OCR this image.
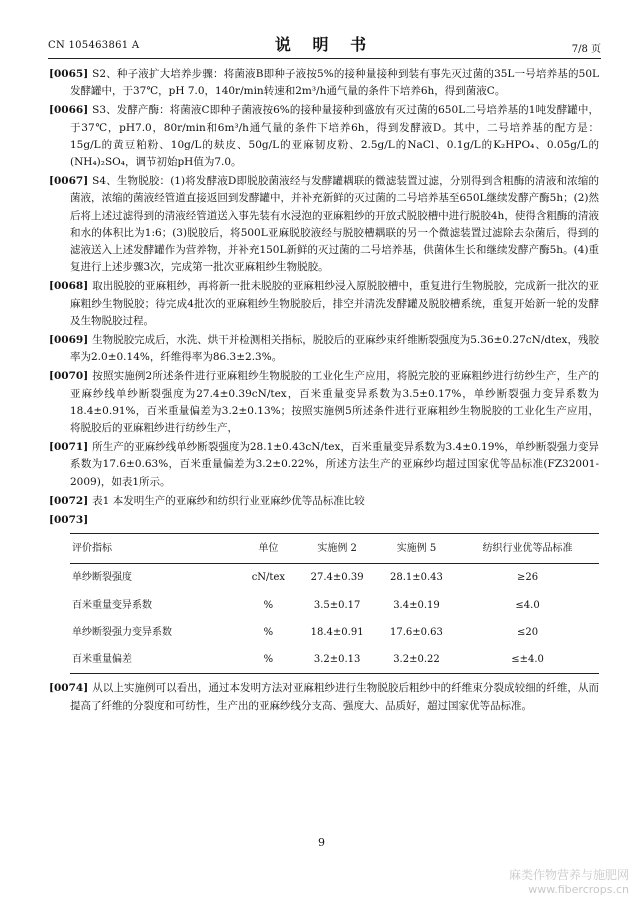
CN 105463861 A	说 明 书	7/8 页

[0065] S2、种子液扩大培养步骤：将菌液B即种子液按5%的接种量接种到装有事先灭过菌的35L一号培养基的50L发酵罐中，于37℃，pH 7.0，140r/min转速和2m³/h通气量的条件下培养6h，得到菌液C。

[0066] S3、发酵产酶：将菌液C即种子菌液按6%的接种量接种到盛放有灭过菌的650L二号培养基的1吨发酵罐中，于37℃，pH7.0，80r/min和6m³/h通气量的条件下培养6h，得到发酵液D。其中，二号培养基的配方是：15g/L的黄豆粕粉、10g/L的麸皮、50g/L的亚麻韧皮粉、2.5g/L的NaCl、0.1g/L的K₂HPO₄、0.05g/L的(NH₄)₂SO₄，调节初始pH值为7.0。

[0067] S4、生物脱胶：(1)将发酵液D即脱胶菌液经与发酵罐耦联的微滤装置过滤，分别得到含粗酶的清液和浓缩的菌液，浓缩的菌液经管道直接返回到发酵罐中，并补充新鲜的灭过菌的二号培养基至650L继续发酵产酶5h；(2)然后将上述过滤得到的清液经管道送入事先装有水浸泡的亚麻粗纱的开放式脱胶槽中进行脱胶4h，使得含粗酶的清液和水的体积比为1:6；(3)脱胶后，将500L亚麻脱胶液经与脱胶槽耦联的另一个微滤装置过滤除去杂菌后，得到的滤液送入上述发酵罐作为营养物，并补充150L新鲜的灭过菌的二号培养基，供菌体生长和继续发酵产酶5h。(4)重复进行上述步骤3次，完成第一批次亚麻粗纱生物脱胶。

[0068] 取出脱胶的亚麻粗纱，再将新一批未脱胶的亚麻粗纱浸入原脱胶槽中，重复进行生物脱胶，完成新一批次的亚麻粗纱生物脱胶；待完成4批次的亚麻粗纱生物脱胶后，排空并清洗发酵罐及脱胶槽系统，重复开始新一轮的发酵及生物脱胶过程。

[0069] 生物脱胶完成后，水洗、烘干并检测相关指标，脱胶后的亚麻纱束纤维断裂强度为5.36±0.27cN/dtex，残胶率为2.0±0.14%，纤维得率为86.3±2.3%。

[0070] 按照实施例2所述条件进行亚麻粗纱生物脱胶的工业化生产应用，将脱完胶的亚麻粗纱进行纺纱生产，生产的亚麻纱线单纱断裂强度为27.4±0.39cN/tex，百米重量变异系数为3.5±0.17%，单纱断裂强力变异系数为18.4±0.91%，百米重量偏差为3.2±0.13%；按照实施例5所述条件进行亚麻粗纱生物脱胶的工业化生产应用，将脱胶后的亚麻粗纱进行纺纱生产，

[0071] 所生产的亚麻纱线单纱断裂强度为28.1±0.43cN/tex，百米重量变异系数为3.4±0.19%，单纱断裂强力变异系数为17.6±0.63%，百米重量偏差为3.2±0.22%，所述方法生产的亚麻纱均超过国家优等品标准(FZ32001-2009)，如表1所示。

[0072] 表1 本发明生产的亚麻纱和纺织行业亚麻纱优等品标准比较

[0073]

评价指标	单位	实施例 2	实施例 5	纺织行业优等品标准
单纱断裂强度	cN/tex	27.4±0.39	28.1±0.43	≥26
百米重量变异系数	%	3.5±0.17	3.4±0.19	≤4.0
单纱断裂强力变异系数	%	18.4±0.91	17.6±0.63	≤20
百米重量偏差	%	3.2±0.13	3.2±0.22	≤±4.0

[0074] 从以上实施例可以看出，通过本发明方法对亚麻粗纱进行生物脱胶后粗纱中的纤维束分裂成较细的纤维，从而提高了纤维的分裂度和可纺性，生产出的亚麻纱线分支高、强度大、品质好，超过国家优等品标准。

9
麻类作物营养与施肥网
www.fibercrops.cn
